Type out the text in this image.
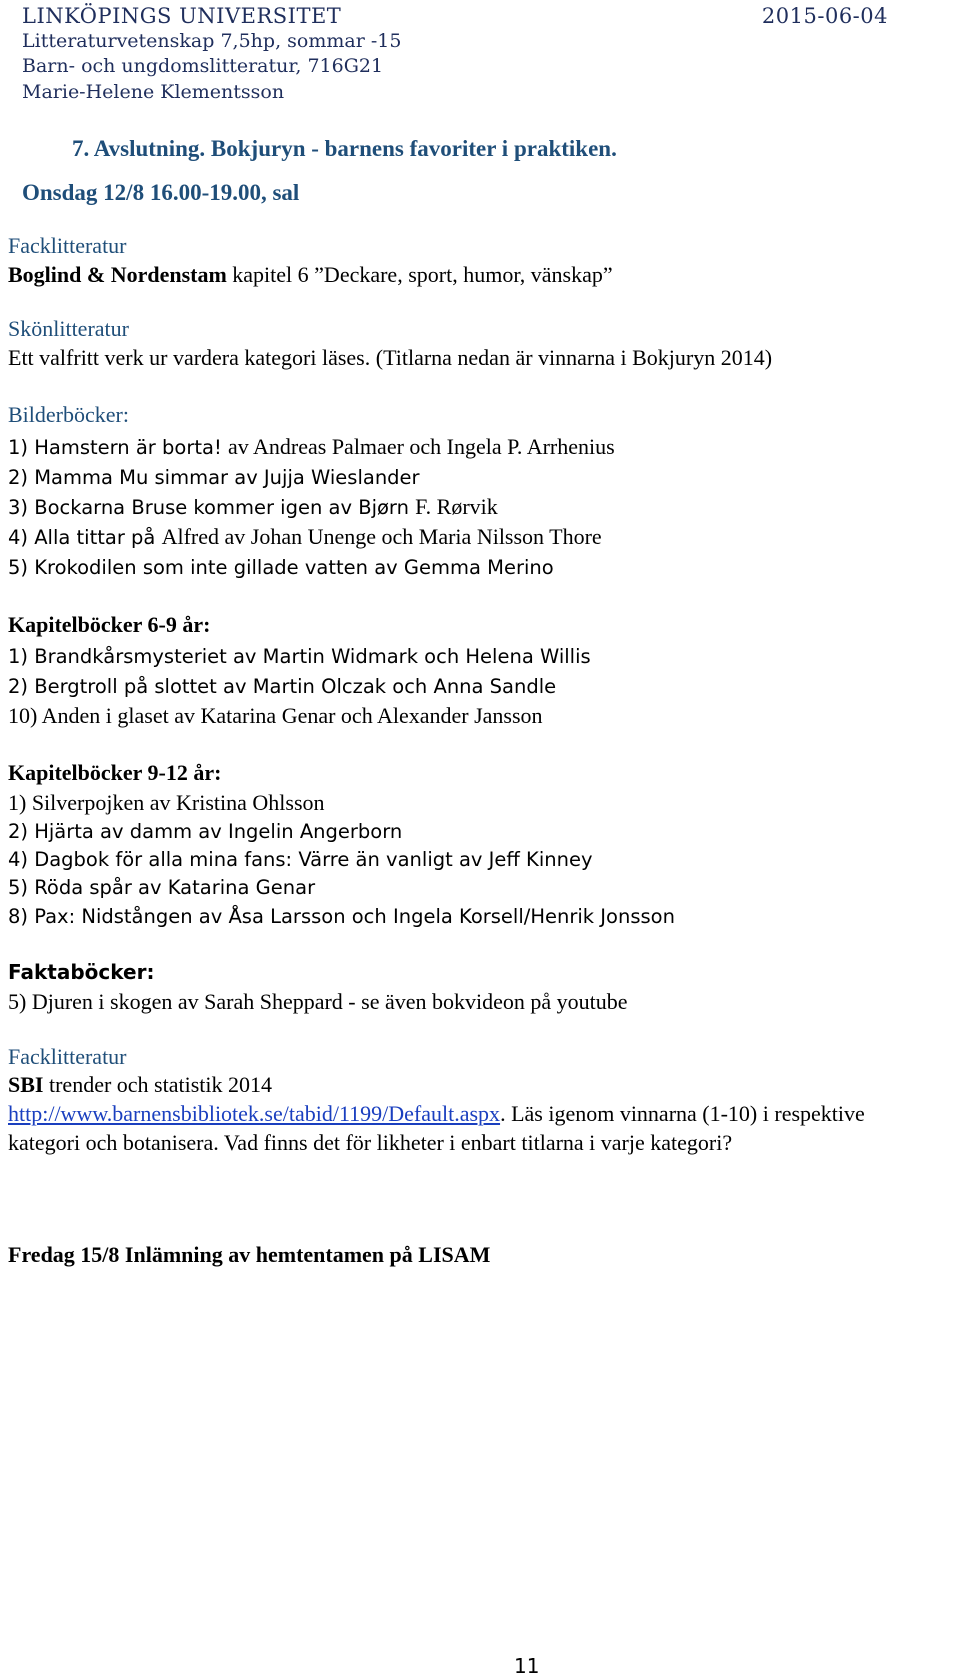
LINKÖPINGS UNIVERSITET	2015-06-04
Litteraturvetenskap 7,5hp, sommar -15
Barn- och ungdomslitteratur, 716G21
Marie-Helene Klementsson
7. Avslutning. Bokjuryn - barnens favoriter i praktiken.
Onsdag 12/8 16.00-19.00, sal
Facklitteratur
Boglind & Nordenstam kapitel 6 ”Deckare, sport, humor, vänskap”
Skönlitteratur
Ett valfritt verk ur vardera kategori läses. (Titlarna nedan är vinnarna i Bokjuryn 2014)
Bilderböcker:
1) Hamstern är borta! av Andreas Palmaer och Ingela P. Arrhenius
2) Mamma Mu simmar av Jujja Wieslander
3) Bockarna Bruse kommer igen av Bjørn F. Rørvik
4) Alla tittar på Alfred av Johan Unenge och Maria Nilsson Thore
5) Krokodilen som inte gillade vatten av Gemma Merino
Kapitelböcker 6-9 år:
1) Brandkårsmysteriet av Martin Widmark och Helena Willis
2) Bergtroll på slottet av Martin Olczak och Anna Sandle
10) Anden i glaset av Katarina Genar och Alexander Jansson
Kapitelböcker 9-12 år:
1) Silverpojken av Kristina Ohlsson
2) Hjärta av damm av Ingelin Angerborn
4) Dagbok för alla mina fans: Värre än vanligt av Jeff Kinney
5) Röda spår av Katarina Genar
8) Pax: Nidstången av Åsa Larsson och Ingela Korsell/Henrik Jonsson
Faktaböcker:
5) Djuren i skogen av Sarah Sheppard - se även bokvideon på youtube
Facklitteratur
SBI trender och statistik 2014
http://www.barnensbibliotek.se/tabid/1199/Default.aspx. Läs igenom vinnarna (1-10) i respektive
kategori och botanisera. Vad finns det för likheter i enbart titlarna i varje kategori?
Fredag 15/8 Inlämning av hemtentamen på LISAM
11
